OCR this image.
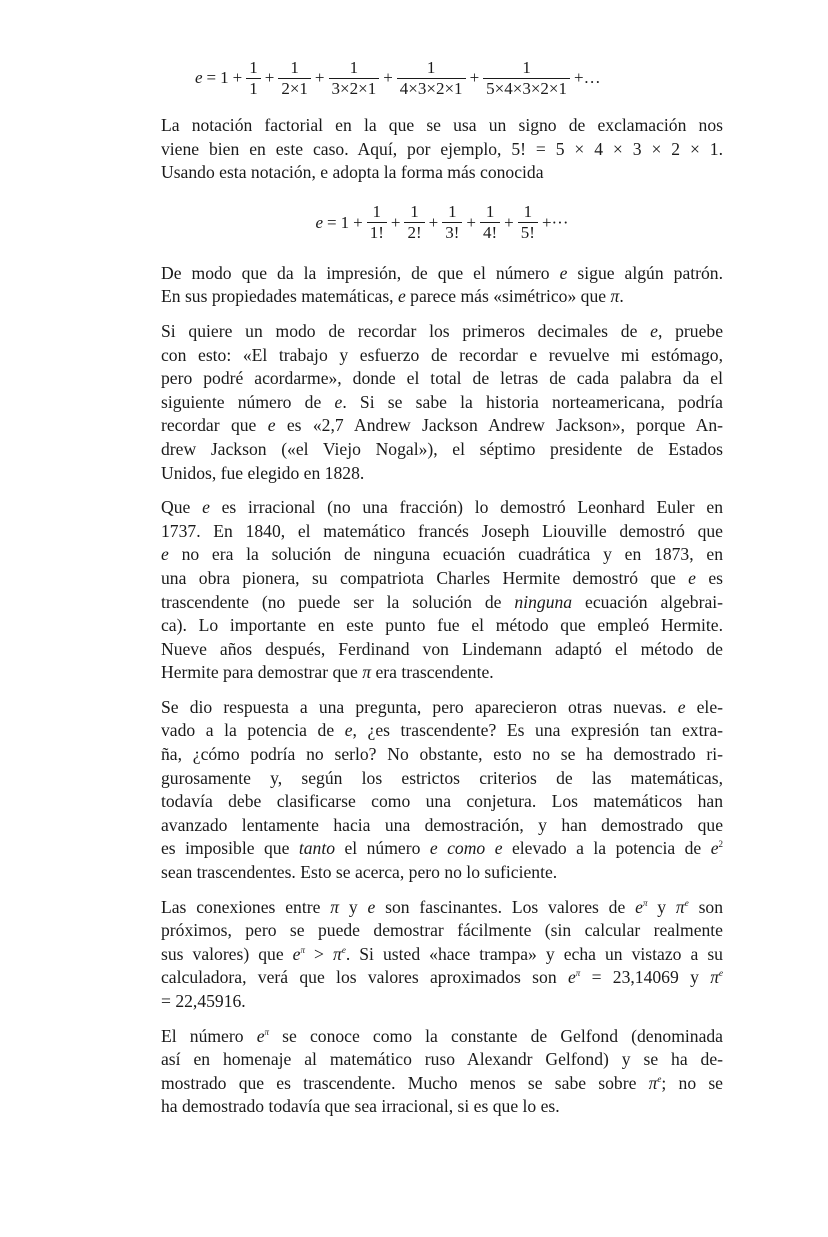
$e = 1 + \frac{1}{1} + \frac{1}{2\times 1} + \frac{1}{3\times 2\times 1} + \frac{1}{4\times 3\times 2\times 1} + \frac{1}{5\times 4\times 3\times 2\times 1}$ +…

La notación factorial en la que se usa un signo de exclamación nos
viene bien en este caso. Aquí, por ejemplo, 5! = 5 × 4 × 3 × 2 × 1.
Usando esta notación, e adopta la forma más conocida

$e = 1 + \frac{1}{1!} + \frac{1}{2!} + \frac{1}{3!} + \frac{1}{4!} + \frac{1}{5!}$ +···

De modo que da la impresión, de que el número e sigue algún patrón.
En sus propiedades matemáticas, e parece más «simétrico» que π.

Si quiere un modo de recordar los primeros decimales de e, pruebe
con esto: «El trabajo y esfuerzo de recordar e revuelve mi estómago,
pero podré acordarme», donde el total de letras de cada palabra da el
siguiente número de e. Si se sabe la historia norteamericana, podría
recordar que e es «2,7 Andrew Jackson Andrew Jackson», porque An-
drew Jackson («el Viejo Nogal»), el séptimo presidente de Estados
Unidos, fue elegido en 1828.

Que e es irracional (no una fracción) lo demostró Leonhard Euler en
1737. En 1840, el matemático francés Joseph Liouville demostró que
e no era la solución de ninguna ecuación cuadrática y en 1873, en
una obra pionera, su compatriota Charles Hermite demostró que e es
trascendente (no puede ser la solución de ninguna ecuación algebrai-
ca). Lo importante en este punto fue el método que empleó Hermite.
Nueve años después, Ferdinand von Lindemann adaptó el método de
Hermite para demostrar que π era trascendente.

Se dio respuesta a una pregunta, pero aparecieron otras nuevas. e ele-
vado a la potencia de e, ¿es trascendente? Es una expresión tan extra-
ña, ¿cómo podría no serlo? No obstante, esto no se ha demostrado ri-
gurosamente y, según los estrictos criterios de las matemáticas,
todavía debe clasificarse como una conjetura. Los matemáticos han
avanzado lentamente hacia una demostración, y han demostrado que
es imposible que tanto el número e como e elevado a la potencia de $e^2$
sean trascendentes. Esto se acerca, pero no lo suficiente.

Las conexiones entre π y e son fascinantes. Los valores de $e^\pi$ y $\pi^e$ son
próximos, pero se puede demostrar fácilmente (sin calcular realmente
sus valores) que $e^\pi > \pi^e$. Si usted «hace trampa» y echa un vistazo a su
calculadora, verá que los valores aproximados son $e^\pi = 23,14069$ y $\pi^e$
= 22,45916.

El número $e^\pi$ se conoce como la constante de Gelfond (denominada
así en homenaje al matemático ruso Alexandr Gelfond) y se ha de-
mostrado que es trascendente. Mucho menos se sabe sobre $\pi^e$; no se
ha demostrado todavía que sea irracional, si es que lo es.
